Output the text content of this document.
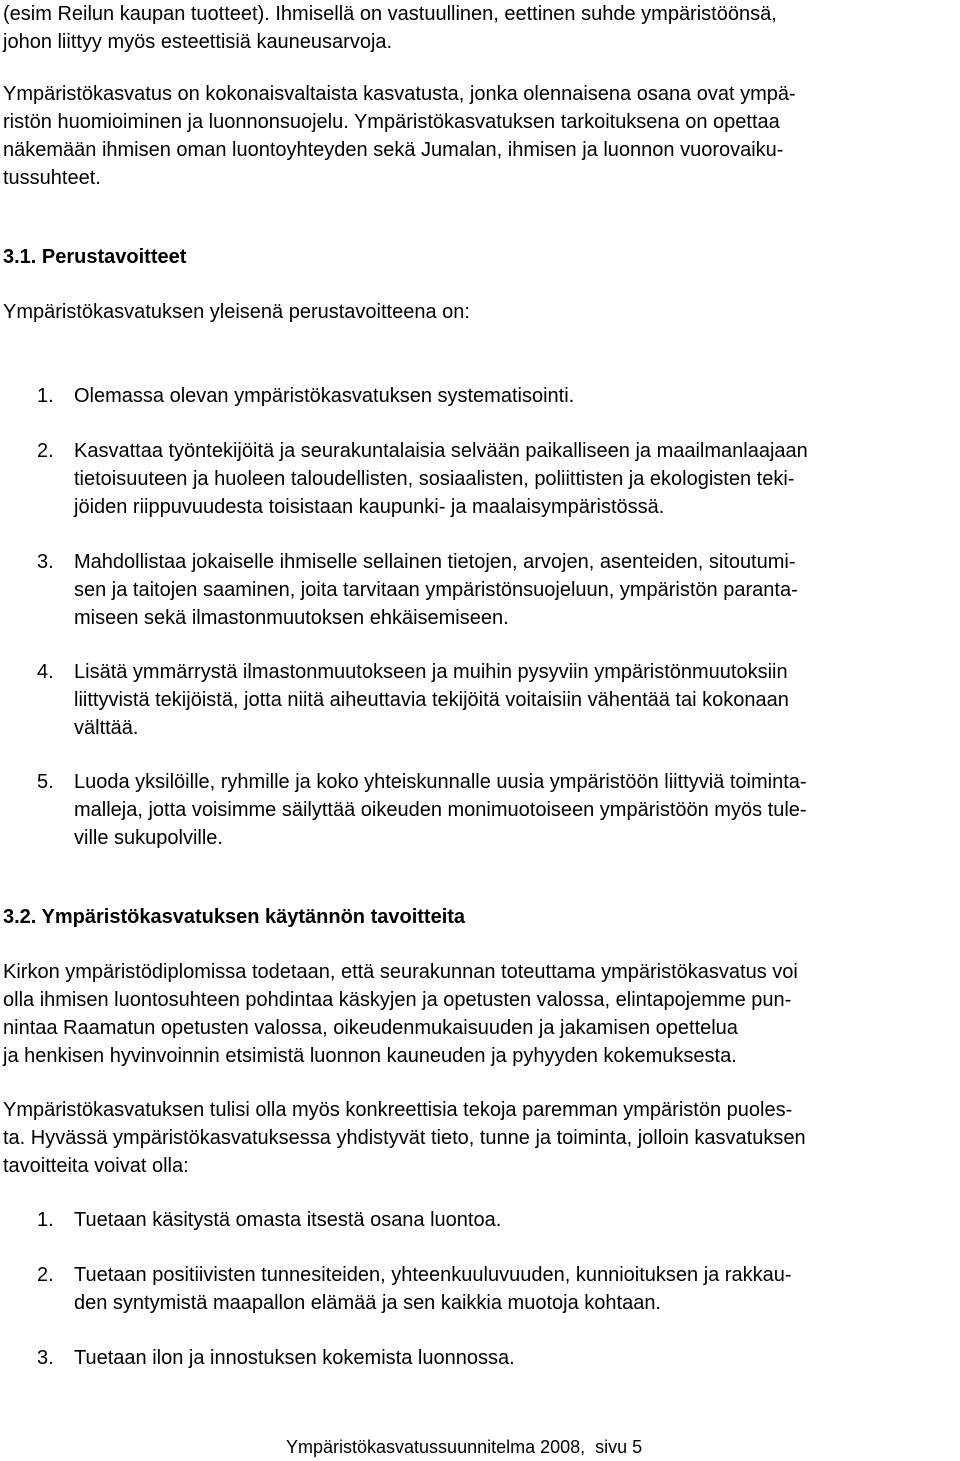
(esim Reilun kaupan tuotteet). Ihmisellä on vastuullinen, eettinen suhde ympäristöönsä,
johon liittyy myös esteettisiä kauneusarvoja.
Ympäristökasvatus on kokonaisvaltaista kasvatusta, jonka olennaisena osana ovat ympä-
ristön huomioiminen ja luonnonsuojelu. Ympäristökasvatuksen tarkoituksena on opettaa
näkemään ihmisen oman luontoyhteyden sekä Jumalan, ihmisen ja luonnon vuorovaiku-
tussuhteet.
3.1. Perustavoitteet
Ympäristökasvatuksen yleisenä perustavoitteena on:
1. Olemassa olevan ympäristökasvatuksen systematisointi.
2. Kasvattaa työntekijöitä ja seurakuntalaisia selvään paikalliseen ja maailmanlaajaan
tietoisuuteen ja huoleen taloudellisten, sosiaalisten, poliittisten ja ekologisten teki-
jöiden riippuvuudesta toisistaan kaupunki- ja maalaisympäristössä.
3. Mahdollistaa jokaiselle ihmiselle sellainen tietojen, arvojen, asenteiden, sitoutumi-
sen ja taitojen saaminen, joita tarvitaan ympäristönsuojeluun, ympäristön paranta-
miseen sekä ilmastonmuutoksen ehkäisemiseen.
4. Lisätä ymmärrystä ilmastonmuutokseen ja muihin pysyviin ympäristönmuutoksiin
liittyvistä tekijöistä, jotta niitä aiheuttavia tekijöitä voitaisiin vähentää tai kokonaan
välttää.
5. Luoda yksilöille, ryhmille ja koko yhteiskunnalle uusia ympäristöön liittyviä toiminta-
malleja, jotta voisimme säilyttää oikeuden monimuotoiseen ympäristöön myös tule-
ville sukupolville.
3.2. Ympäristökasvatuksen käytännön tavoitteita
Kirkon ympäristödiplomissa todetaan, että seurakunnan toteuttama ympäristökasvatus voi
olla ihmisen luontosuhteen pohdintaa käskyjen ja opetusten valossa, elintapojemme pun-
nintaa Raamatun opetusten valossa, oikeudenmukaisuuden ja jakamisen opettelua
ja henkisen hyvinvoinnin etsimistä luonnon kauneuden ja pyhyyden kokemuksesta.
Ympäristökasvatuksen tulisi olla myös konkreettisia tekoja paremman ympäristön puoles-
ta. Hyvässä ympäristökasvatuksessa yhdistyvät tieto, tunne ja toiminta, jolloin kasvatuksen
tavoitteita voivat olla:
1. Tuetaan käsitystä omasta itsestä osana luontoa.
2. Tuetaan positiivisten tunnesiteiden, yhteenkuuluvuuden, kunnioituksen ja rakkau-
den syntymistä maapallon elämää ja sen kaikkia muotoja kohtaan.
3. Tuetaan ilon ja innostuksen kokemista luonnossa.
Ympäristökasvatussuunnitelma 2008,  sivu 5
